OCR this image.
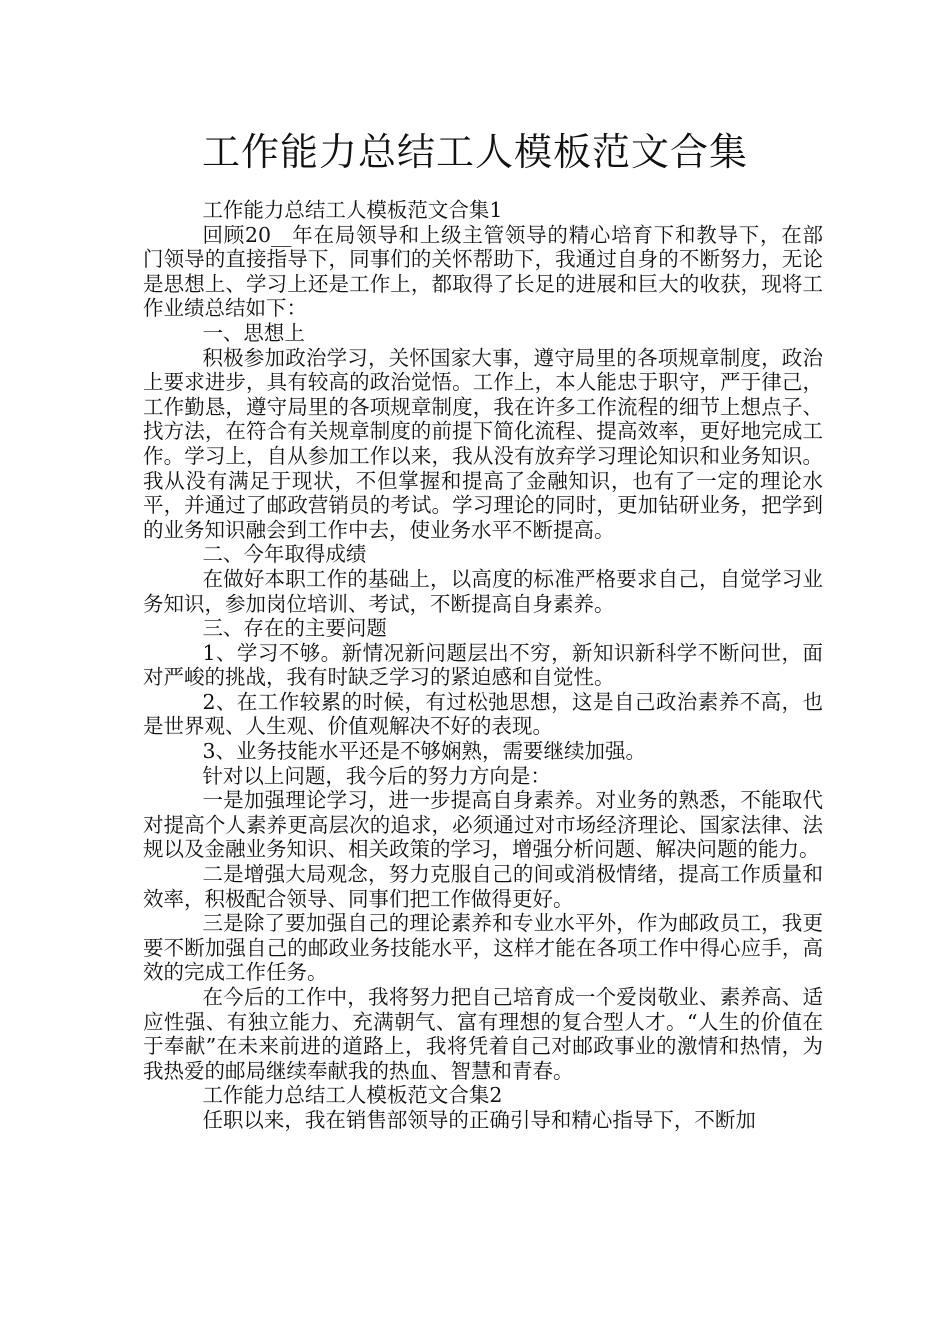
工作能力总结工人模板范文合集

工作能力总结工人模板范文合集1

回顾20__年在局领导和上级主管领导的精心培育下和教导下，在部门领导的直接指导下，同事们的关怀帮助下，我通过自身的不断努力，无论是思想上、学习上还是工作上，都取得了长足的进展和巨大的收获，现将工作业绩总结如下：

一、思想上

积极参加政治学习，关怀国家大事，遵守局里的各项规章制度，政治上要求进步，具有较高的政治觉悟。工作上，本人能忠于职守，严于律己，工作勤恳，遵守局里的各项规章制度，我在许多工作流程的细节上想点子、找方法，在符合有关规章制度的前提下简化流程、提高效率，更好地完成工作。学习上，自从参加工作以来，我从没有放弃学习理论知识和业务知识。我从没有满足于现状，不但掌握和提高了金融知识，也有了一定的理论水平，并通过了邮政营销员的考试。学习理论的同时，更加钻研业务，把学到的业务知识融会到工作中去，使业务水平不断提高。

二、今年取得成绩

在做好本职工作的基础上，以高度的标准严格要求自己，自觉学习业务知识，参加岗位培训、考试，不断提高自身素养。

三、存在的主要问题

1、学习不够。新情况新问题层出不穷，新知识新科学不断问世，面对严峻的挑战，我有时缺乏学习的紧迫感和自觉性。

2、在工作较累的时候，有过松弛思想，这是自己政治素养不高，也是世界观、人生观、价值观解决不好的表现。

3、业务技能水平还是不够娴熟，需要继续加强。

针对以上问题，我今后的努力方向是：

一是加强理论学习，进一步提高自身素养。对业务的熟悉，不能取代对提高个人素养更高层次的追求，必须通过对市场经济理论、国家法律、法规以及金融业务知识、相关政策的学习，增强分析问题、解决问题的能力。

二是增强大局观念，努力克服自己的间或消极情绪，提高工作质量和效率，积极配合领导、同事们把工作做得更好。

三是除了要加强自己的理论素养和专业水平外，作为邮政员工，我更要不断加强自己的邮政业务技能水平，这样才能在各项工作中得心应手，高效的完成工作任务。

在今后的工作中，我将努力把自己培育成一个爱岗敬业、素养高、适应性强、有独立能力、充满朝气、富有理想的复合型人才。“人生的价值在于奉献”在未来前进的道路上，我将凭着自己对邮政事业的激情和热情，为我热爱的邮局继续奉献我的热血、智慧和青春。

工作能力总结工人模板范文合集2

任职以来，我在销售部领导的正确引导和精心指导下，不断加
